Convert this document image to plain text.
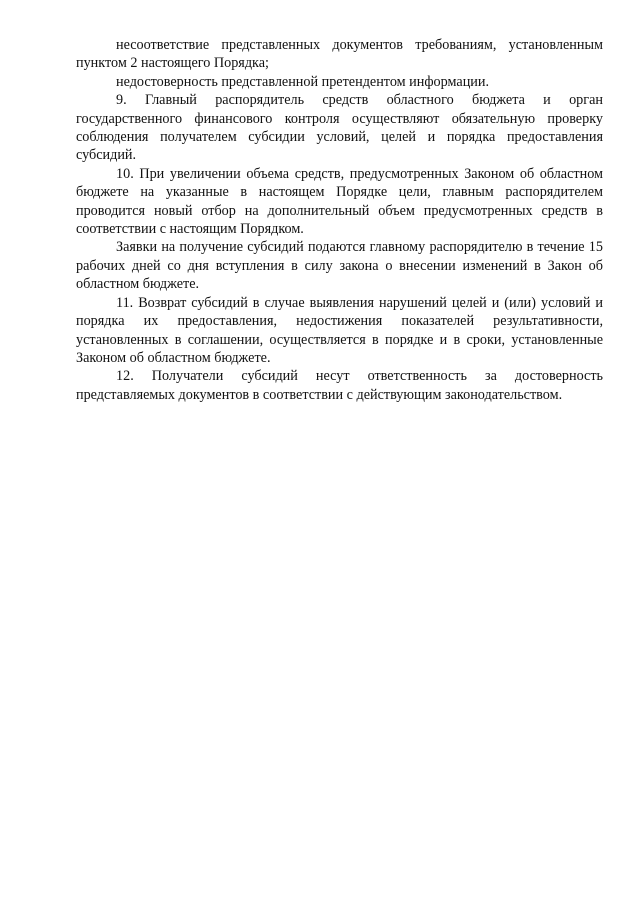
несоответствие представленных документов требованиям, установленным пунктом 2 настоящего Порядка;

недостоверность представленной претендентом информации.

9. Главный распорядитель средств областного бюджета и орган государственного финансового контроля осуществляют обязательную проверку соблюдения получателем субсидии условий, целей и порядка предоставления субсидий.

10. При увеличении объема средств, предусмотренных Законом об областном бюджете на указанные в настоящем Порядке цели, главным распорядителем проводится новый отбор на дополнительный объем предусмотренных средств в соответствии с настоящим Порядком.

Заявки на получение субсидий подаются главному распорядителю в течение 15 рабочих дней со дня вступления в силу закона о внесении изменений в Закон об областном бюджете.

11. Возврат субсидий в случае выявления нарушений целей и (или) условий и порядка их предоставления, недостижения показателей результативности, установленных в соглашении, осуществляется в порядке и в сроки, установленные Законом об областном бюджете.

12. Получатели субсидий несут ответственность за достоверность представляемых документов в соответствии с действующим законодательством.
